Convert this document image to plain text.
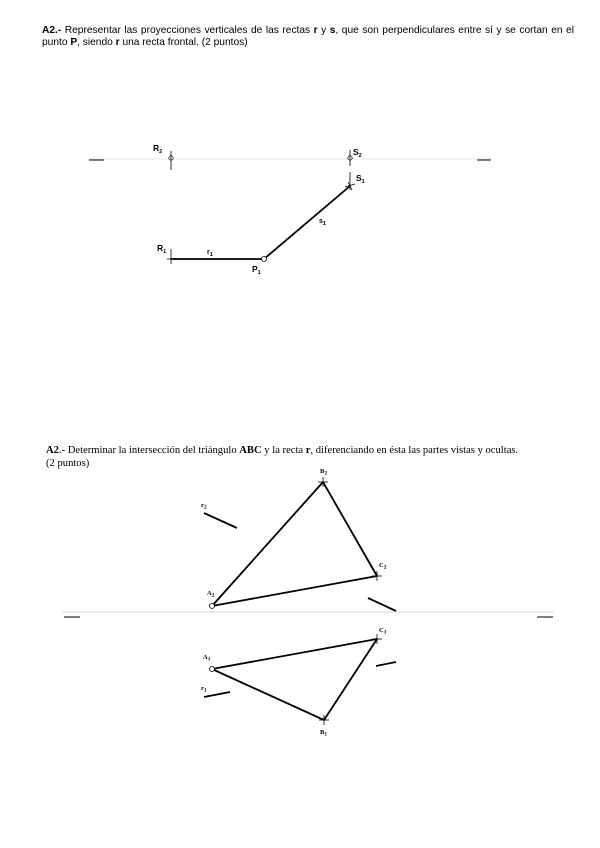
A2.- Representar las proyecciones verticales de las rectas r y s, que son perpendiculares entre sí y se cortan en el punto P, siendo r una recta frontal. (2 puntos)
A2.- Determinar la intersección del triángulo ABC y la recta r, diferenciando en ésta las partes vistas y ocultas.
(2 puntos)
$R_2$	$S_2$
$S_1$
$s_1$
$R_1$	$r_1$
$P_1$
$B_2$
$r_2$
$C_2$
$A_2$
$C_1$
$A_1$
$r_1$
$B_1$
